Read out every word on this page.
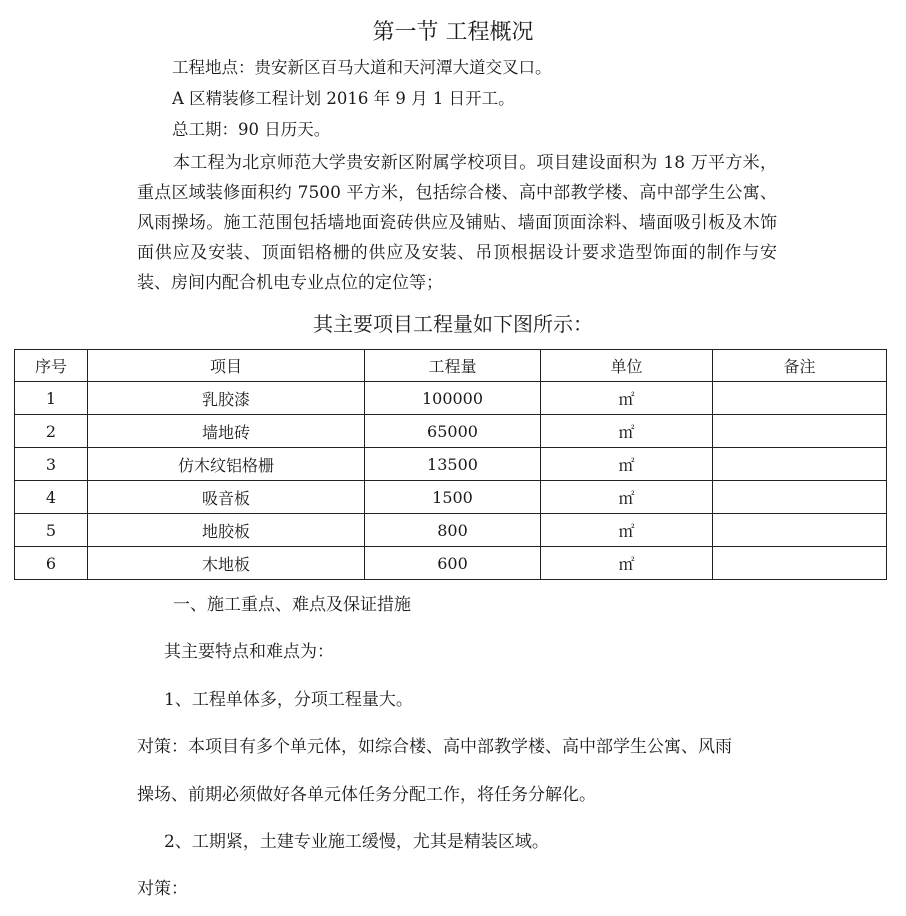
第一节 工程概况
工程地点：贵安新区百马大道和天河潭大道交叉口。
A 区精装修工程计划 2016 年 9 月 1 日开工。
总工期：90 日历天。
本工程为北京师范大学贵安新区附属学校项目。项目建设面积为 18 万平方米，重点区域装修面积约 7500 平方米，包括综合楼、高中部教学楼、高中部学生公寓、风雨操场。施工范围包括墙地面瓷砖供应及铺贴、墙面顶面涂料、墙面吸引板及木饰面供应及安装、顶面铝格栅的供应及安装、吊顶根据设计要求造型饰面的制作与安装、房间内配合机电专业点位的定位等；
其主要项目工程量如下图所示：
序号	项目	工程量	单位	备注
1	乳胶漆	100000	㎡	
2	墙地砖	65000	㎡	
3	仿木纹铝格栅	13500	㎡	
4	吸音板	1500	㎡	
5	地胶板	800	㎡	
6	木地板	600	㎡	
一、施工重点、难点及保证措施
其主要特点和难点为：
1、工程单体多，分项工程量大。
对策：本项目有多个单元体，如综合楼、高中部教学楼、高中部学生公寓、风雨
操场、前期必须做好各单元体任务分配工作，将任务分解化。
2、工期紧，土建专业施工缓慢，尤其是精装区域。
对策：
